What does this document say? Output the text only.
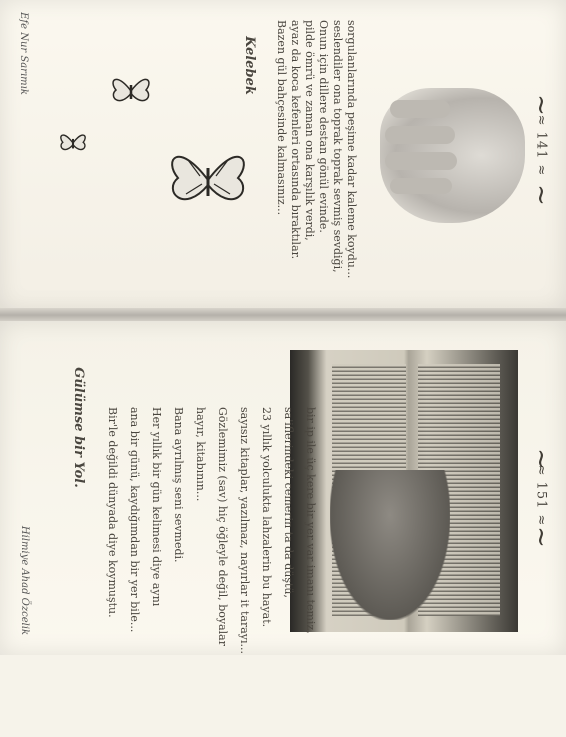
~
≈ 141 ≈
~
sorgulanlarında peşime kadar kaleme koydu...
seslendiler ona toprak toprak sevmiş sevdiği,
Onun için dillere destan gönül evinde.
pilde ömrü ve zaman ona karşılık verdi,
ayaz da koca kefenleri ortasında bıraktılar.
Bazen gül bahçesinde kalmasınız...
Kelebek
Efe Nur Sarımık
~
≈ 151 ≈
~
bir ip ile üç kere bir yer var imanı temiz,
sa'iflerindeki cemerin ta da düştü,
23 yıllık yolculukta lahzalerin bu hayat.
sayısız kitaplar, yazılmaz, nayırlar it tarayı...
Gözlemimiz (sav) hiç öğleyle değil, boyalar
hayır, kitabının...
Bana ayrılmış seni sevmedi.
Her yıllık bir gün kelimesi diye aynı
ana bir günü, kaydığımdan bir yer bile...
Bir'le değildi dünyada diye koymuştu.
Gülümse bir Yol.
Hilmiye Ahad Özcelik
